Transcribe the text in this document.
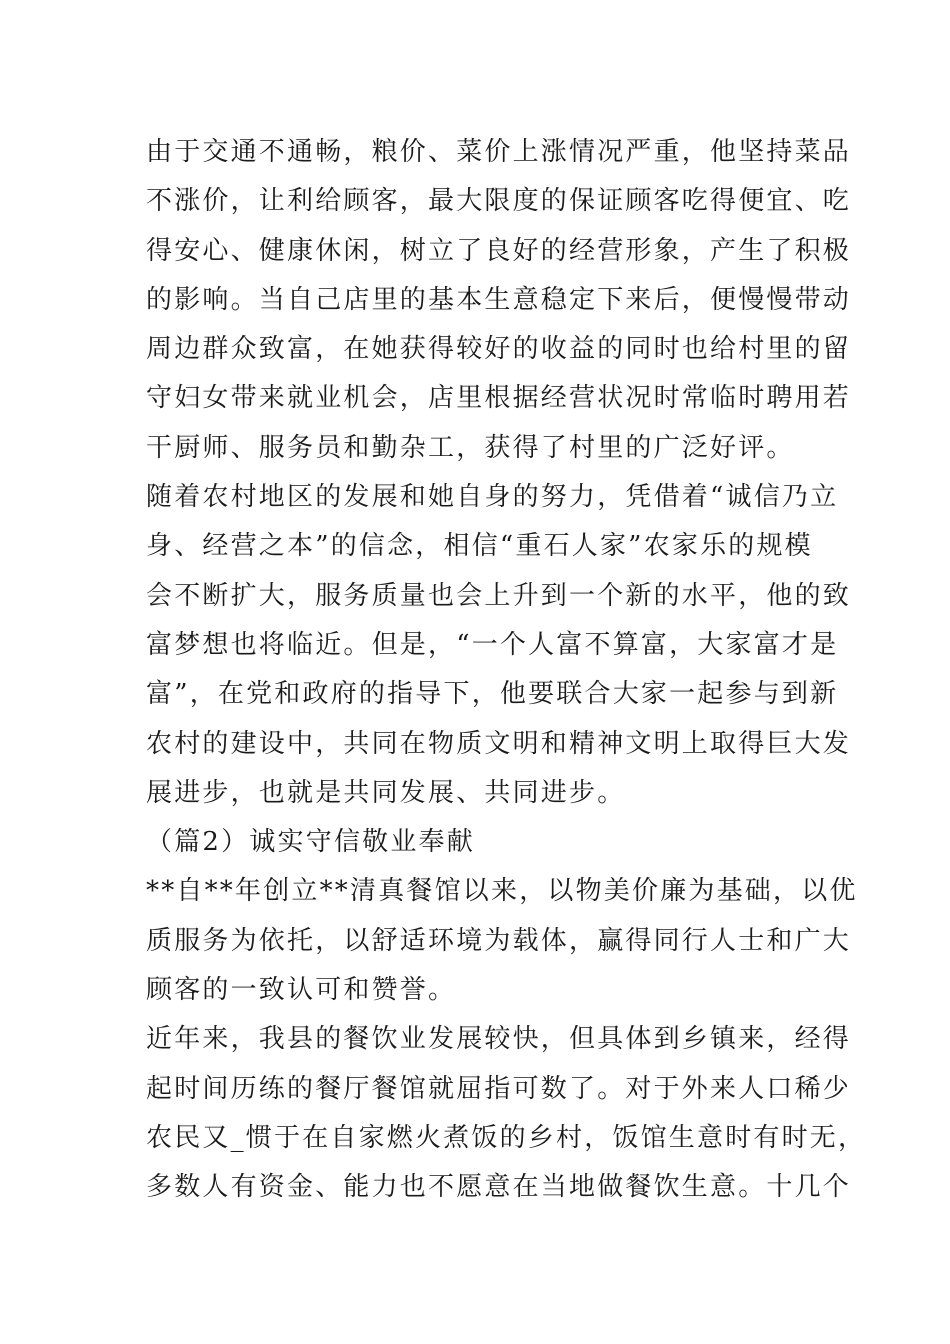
由于交通不通畅，粮价、菜价上涨情况严重，他坚持菜品
不涨价，让利给顾客，最大限度的保证顾客吃得便宜、吃
得安心、健康休闲，树立了良好的经营形象，产生了积极
的影响。当自己店里的基本生意稳定下来后，便慢慢带动
周边群众致富，在她获得较好的收益的同时也给村里的留
守妇女带来就业机会，店里根据经营状况时常临时聘用若
干厨师、服务员和勤杂工，获得了村里的广泛好评。
随着农村地区的发展和她自身的努力，凭借着“诚信乃立
身、经营之本”的信念，相信“重石人家”农家乐的规模
会不断扩大，服务质量也会上升到一个新的水平，他的致
富梦想也将临近。但是，“一个人富不算富，大家富才是
富”，在党和政府的指导下，他要联合大家一起参与到新
农村的建设中，共同在物质文明和精神文明上取得巨大发
展进步，也就是共同发展、共同进步。
（篇2）诚实守信敬业奉献
**自**年创立**清真餐馆以来，以物美价廉为基础，以优
质服务为依托，以舒适环境为载体，赢得同行人士和广大
顾客的一致认可和赞誉。
近年来，我县的餐饮业发展较快，但具体到乡镇来，经得
起时间历练的餐厅餐馆就屈指可数了。对于外来人口稀少
农民又_惯于在自家燃火煮饭的乡村，饭馆生意时有时无，
多数人有资金、能力也不愿意在当地做餐饮生意。十几个
